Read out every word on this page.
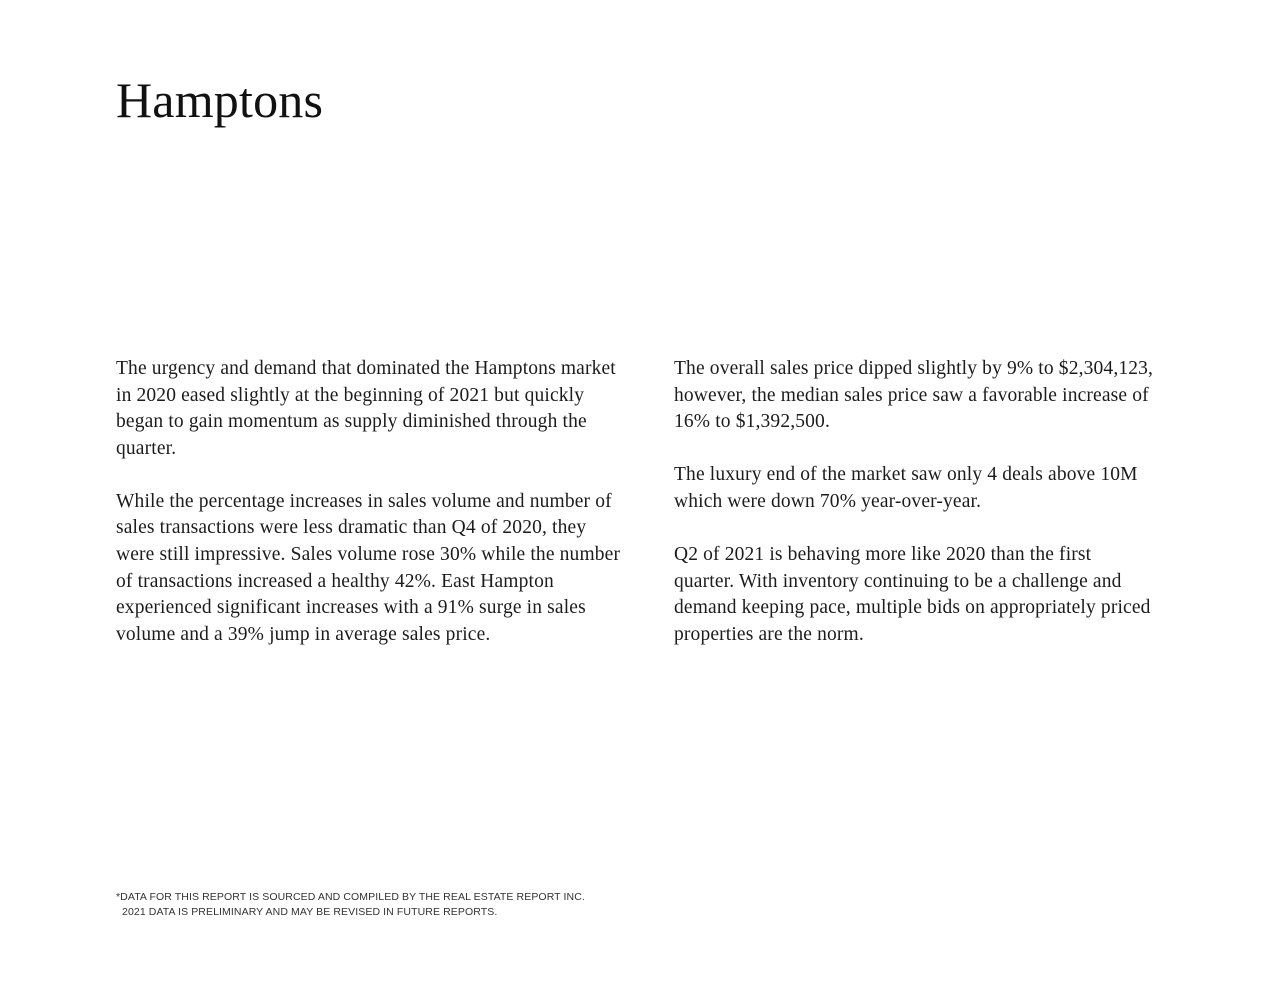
Hamptons

The urgency and demand that dominated the Hamptons market in 2020 eased slightly at the beginning of 2021 but quickly began to gain momentum as supply diminished through the quarter.

While the percentage increases in sales volume and number of sales transactions were less dramatic than Q4 of 2020, they were still impressive. Sales volume rose 30% while the number of transactions increased a healthy 42%. East Hampton experienced significant increases with a 91% surge in sales volume and a 39% jump in average sales price.

The overall sales price dipped slightly by 9% to $2,304,123, however, the median sales price saw a favorable increase of 16% to $1,392,500.

The luxury end of the market saw only 4 deals above 10M which were down 70% year-over-year.

Q2 of 2021 is behaving more like 2020 than the first quarter. With inventory continuing to be a challenge and demand keeping pace, multiple bids on appropriately priced properties are the norm.

*DATA FOR THIS REPORT IS SOURCED AND COMPILED BY THE REAL ESTATE REPORT INC.
2021 DATA IS PRELIMINARY AND MAY BE REVISED IN FUTURE REPORTS.
